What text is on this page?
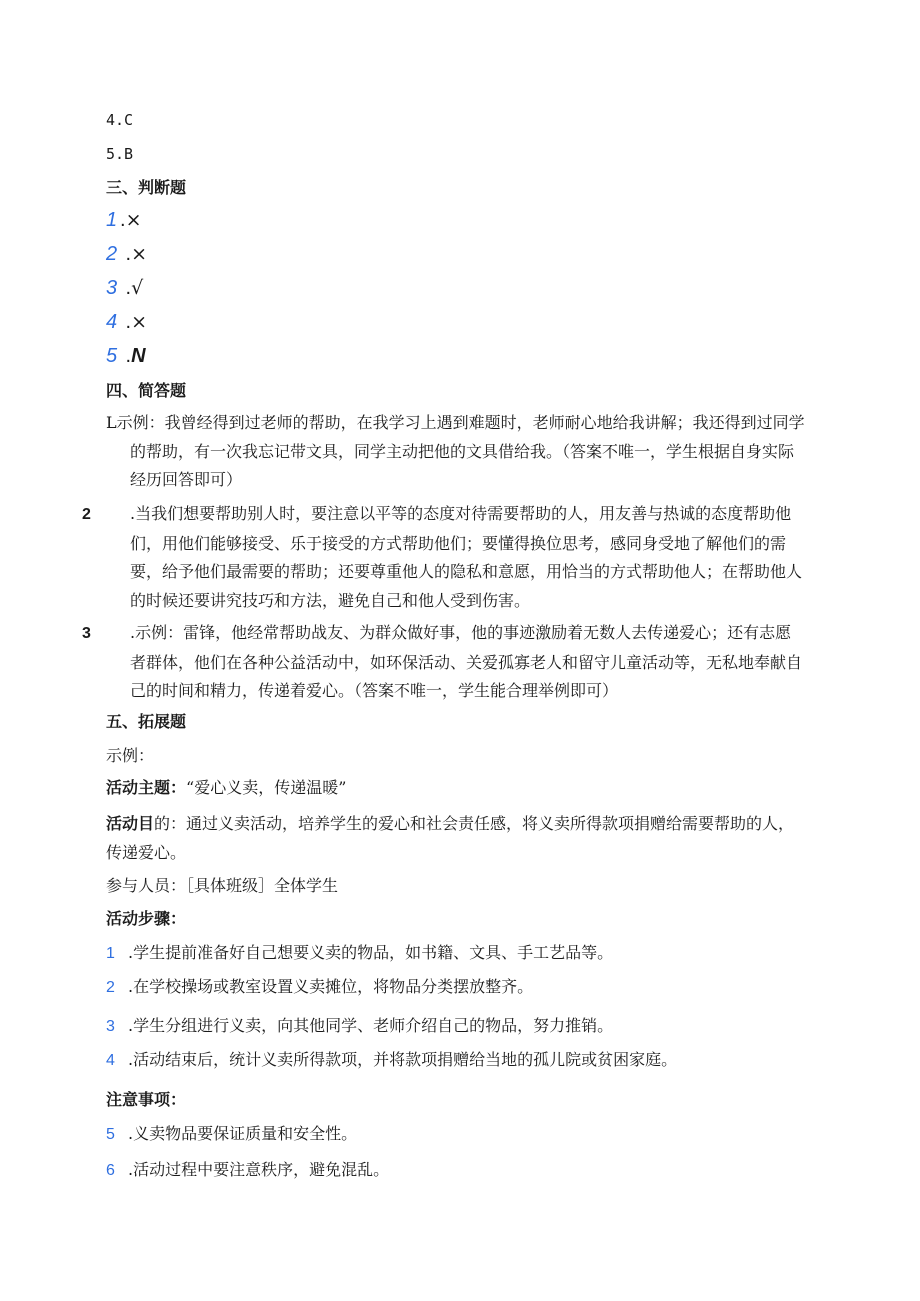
4.C
5.B
三、判断题
1 .×
2 .×
3 .√
4 .×
5 .N
四、简答题
L示例：我曾经得到过老师的帮助，在我学习上遇到难题时，老师耐心地给我讲解；我还得到过同学的帮助，有一次我忘记带文具，同学主动把他的文具借给我。（答案不唯一，学生根据自身实际经历回答即可）
2 .当我们想要帮助别人时，要注意以平等的态度对待需要帮助的人，用友善与热诚的态度帮助他们，用他们能够接受、乐于接受的方式帮助他们；要懂得换位思考，感同身受地了解他们的需要，给予他们最需要的帮助；还要尊重他人的隐私和意愿，用恰当的方式帮助他人；在帮助他人的时候还要讲究技巧和方法，避免自己和他人受到伤害。
3 .示例：雷锋，他经常帮助战友、为群众做好事，他的事迹激励着无数人去传递爱心；还有志愿者群体，他们在各种公益活动中，如环保活动、关爱孤寡老人和留守儿童活动等，无私地奉献自己的时间和精力，传递着爱心。（答案不唯一，学生能合理举例即可）
五、拓展题
示例：
活动主题：“爱心义卖，传递温暖”
活动目的：通过义卖活动，培养学生的爱心和社会责任感，将义卖所得款项捐赠给需要帮助的人，传递爱心。
参与人员：［具体班级］全体学生
活动步骤：
1 .学生提前准备好自己想要义卖的物品，如书籍、文具、手工艺品等。
2 .在学校操场或教室设置义卖摊位，将物品分类摆放整齐。
3 .学生分组进行义卖，向其他同学、老师介绍自己的物品，努力推销。
4 .活动结束后，统计义卖所得款项，并将款项捐赠给当地的孤儿院或贫困家庭。
注意事项：
5 .义卖物品要保证质量和安全性。
6 .活动过程中要注意秩序，避免混乱。
